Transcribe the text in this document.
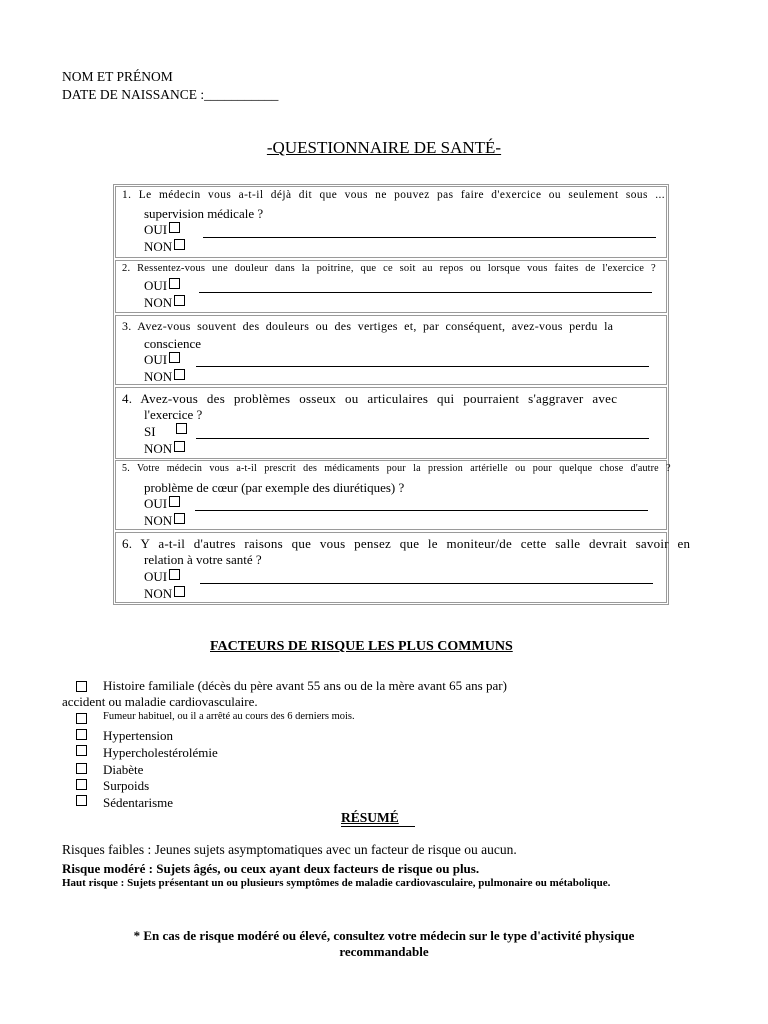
NOM ET PRÉNOM
DATE DE NAISSANCE :___________
-QUESTIONNAIRE DE SANTÉ-
1. Le médecin vous a-t-il déjà dit que vous ne pouvez pas faire d'exercice ou seulement sous ...
supervision médicale ?
OUI
NON
2. Ressentez-vous une douleur dans la poitrine, que ce soit au repos ou lorsque vous faites de l'exercice ?
OUI
NON
3. Avez-vous souvent des douleurs ou des vertiges et, par conséquent, avez-vous perdu la
conscience
OUI
NON
4. Avez-vous des problèmes osseux ou articulaires qui pourraient s'aggraver avec
l'exercice ?
SI
NON
5. Votre médecin vous a-t-il prescrit des médicaments pour la pression artérielle ou pour quelque chose d'autre ?
problème de cœur (par exemple des diurétiques) ?
OUI
NON
6. Y a-t-il d'autres raisons que vous pensez que le moniteur/de cette salle devrait savoir en
relation à votre santé ?
OUI
NON
FACTEURS DE RISQUE LES PLUS COMMUNS
Histoire familiale (décès du père avant 55 ans ou de la mère avant 65 ans par)
accident ou maladie cardiovasculaire.
Fumeur habituel, ou il a arrêté au cours des 6 derniers mois.
Hypertension
Hypercholestérolémie
Diabète
Surpoids
Sédentarisme
RÉSUMÉ
Risques faibles : Jeunes sujets asymptomatiques avec un facteur de risque ou aucun.
Risque modéré : Sujets âgés, ou ceux ayant deux facteurs de risque ou plus.
Haut risque : Sujets présentant un ou plusieurs symptômes de maladie cardiovasculaire, pulmonaire ou métabolique.
* En cas de risque modéré ou élevé, consultez votre médecin sur le type d'activité physique
recommandable
